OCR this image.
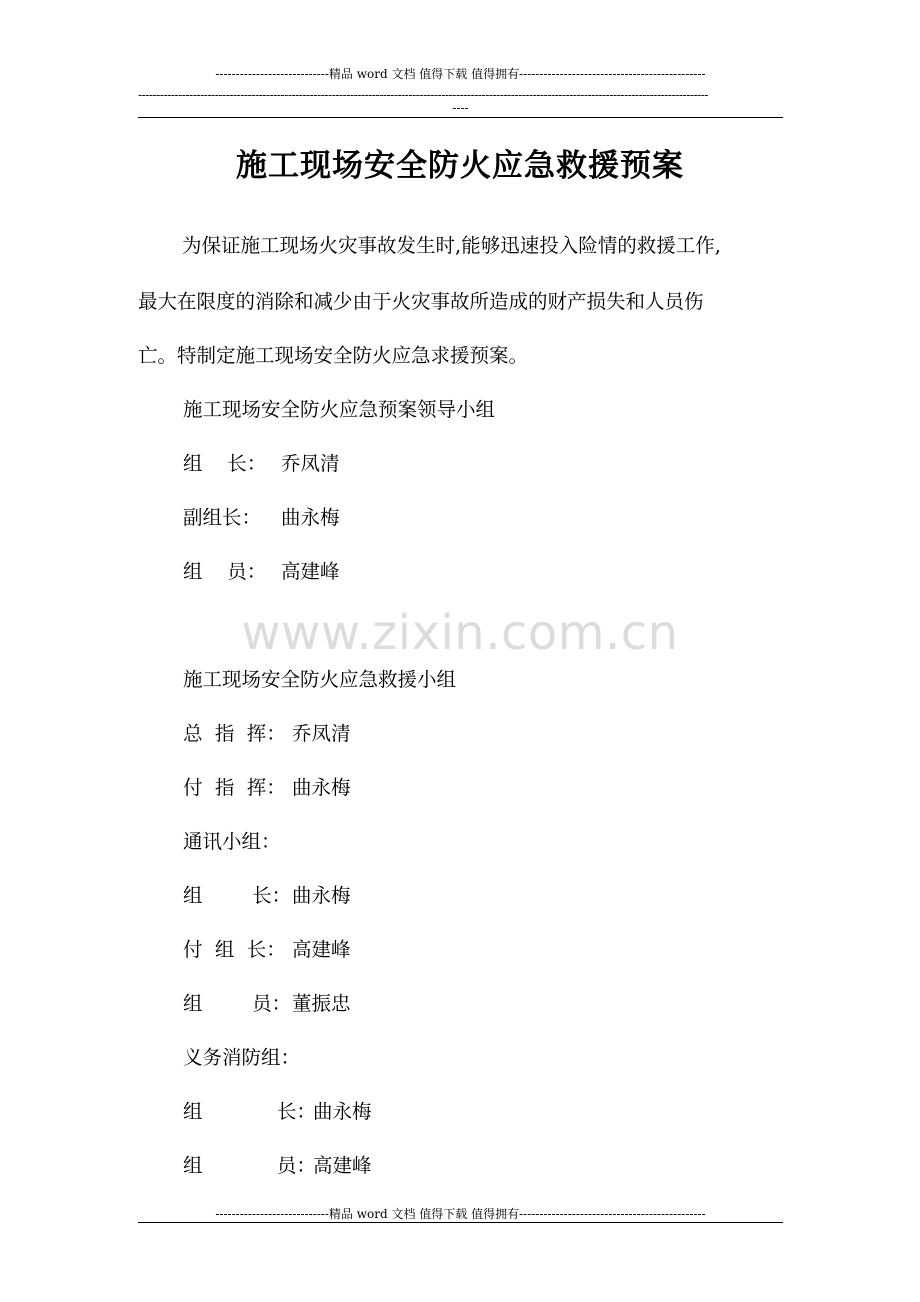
----------------------------精品 word 文档 值得下载 值得拥有----------------------------------------------
------------------------------------------------------------------------------------------------------------------------------------------------------------
----
施工现场安全防火应急救援预案
为保证施工现场火灾事故发生时,能够迅速投入险情的救援工作,
最大在限度的消除和减少由于火灾事故所造成的财产损失和人员伤
亡。特制定施工现场安全防火应急求援预案。
施工现场安全防火应急预案领导小组
组    长： 乔凤清
副组长： 曲永梅
组    员： 高建峰
www.zixin.com.cn
施工现场安全防火应急救援小组
总  指  挥： 乔凤清
付  指  挥： 曲永梅
通讯小组：
组        长：曲永梅
付  组  长： 高建峰
组        员：董振忠
义务消防组：
组            长：曲永梅
组            员：高建峰
----------------------------精品 word 文档 值得下载 值得拥有----------------------------------------------
